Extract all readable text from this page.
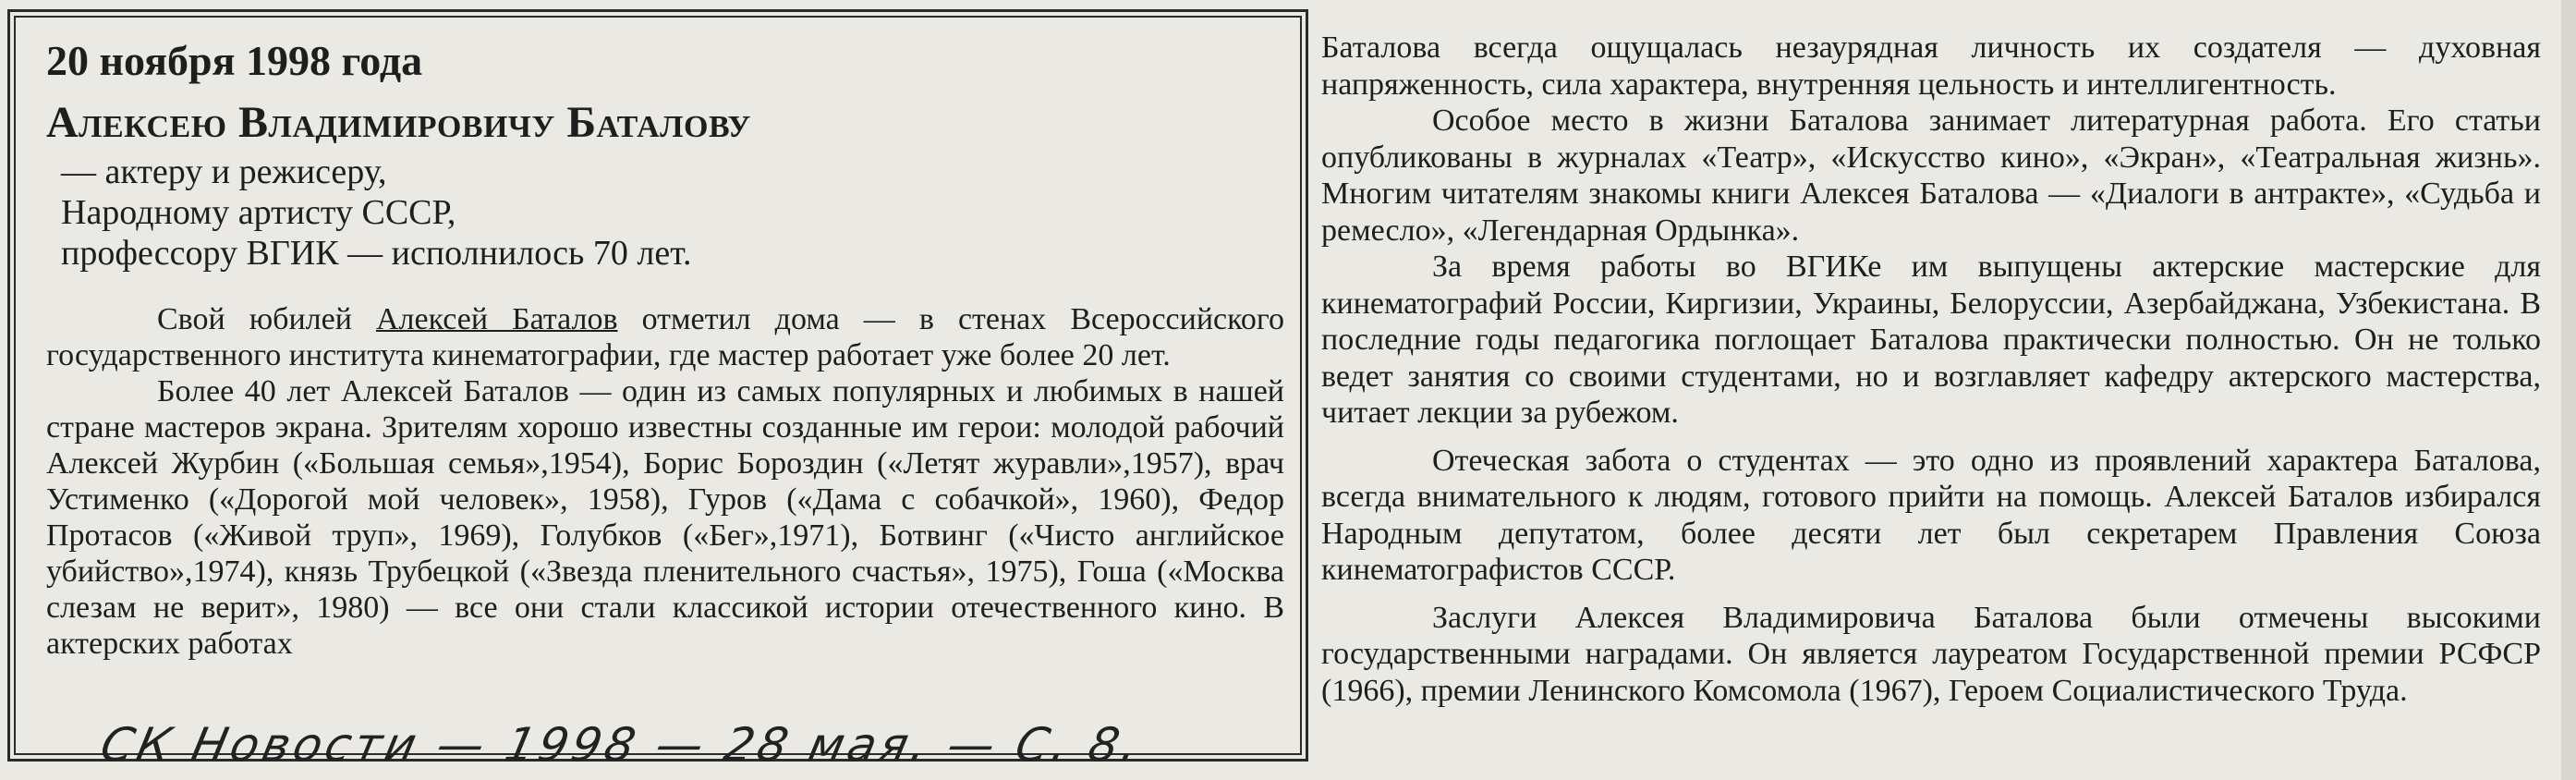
20 ноября 1998 года
Алексею Владимировичу Баталову
— актеру и режисеру,
Народному артисту СССР,
профессору ВГИК — исполнилось 70 лет.

Свой юбилей Алексей Баталов отметил дома — в стенах Всероссийского государственного института кинематографии, где мастер работает уже более 20 лет.

Более 40 лет Алексей Баталов — один из самых популярных и любимых в нашей стране мастеров экрана. Зрителям хорошо известны созданные им герои: молодой рабочий Алексей Журбин («Большая семья»,1954), Борис Бороздин («Летят журавли»,1957), врач Устименко («Дорогой мой человек», 1958), Гуров («Дама с собачкой», 1960), Федор Протасов («Живой труп», 1969), Голубков («Бег»,1971), Ботвинг («Чисто английское убийство»,1974), князь Трубецкой («Звезда пленительного счастья», 1975), Гоша («Москва слезам не верит», 1980) — все они стали классикой истории отечественного кино. В актерских работах

СК Новости — 1998 — 28 мая. — С. 8.

Баталова всегда ощущалась незаурядная личность их создателя — духовная напряженность, сила характера, внутренняя цельность и интеллигентность.

Особое место в жизни Баталова занимает литературная работа. Его статьи опубликованы в журналах «Театр», «Искусство кино», «Экран», «Театральная жизнь». Многим читателям знакомы книги Алексея Баталова — «Диалоги в антракте», «Судьба и ремесло», «Легендарная Ордынка».

За время работы во ВГИКе им выпущены актерские мастерские для кинематографий России, Киргизии, Украины, Белоруссии, Азербайджана, Узбекистана. В последние годы педагогика поглощает Баталова практически полностью. Он не только ведет занятия со своими студентами, но и возглавляет кафедру актерского мастерства, читает лекции за рубежом.

Отеческая забота о студентах — это одно из проявлений характера Баталова, всегда внимательного к людям, готового прийти на помощь. Алексей Баталов избирался Народным депутатом, более десяти лет был секретарем Правления Союза кинематографистов СССР.

Заслуги Алексея Владимировича Баталова были отмечены высокими государственными наградами. Он является лауреатом Государственной премии РСФСР (1966), премии Ленинского Комсомола (1967), Героем Социалистического Труда.
